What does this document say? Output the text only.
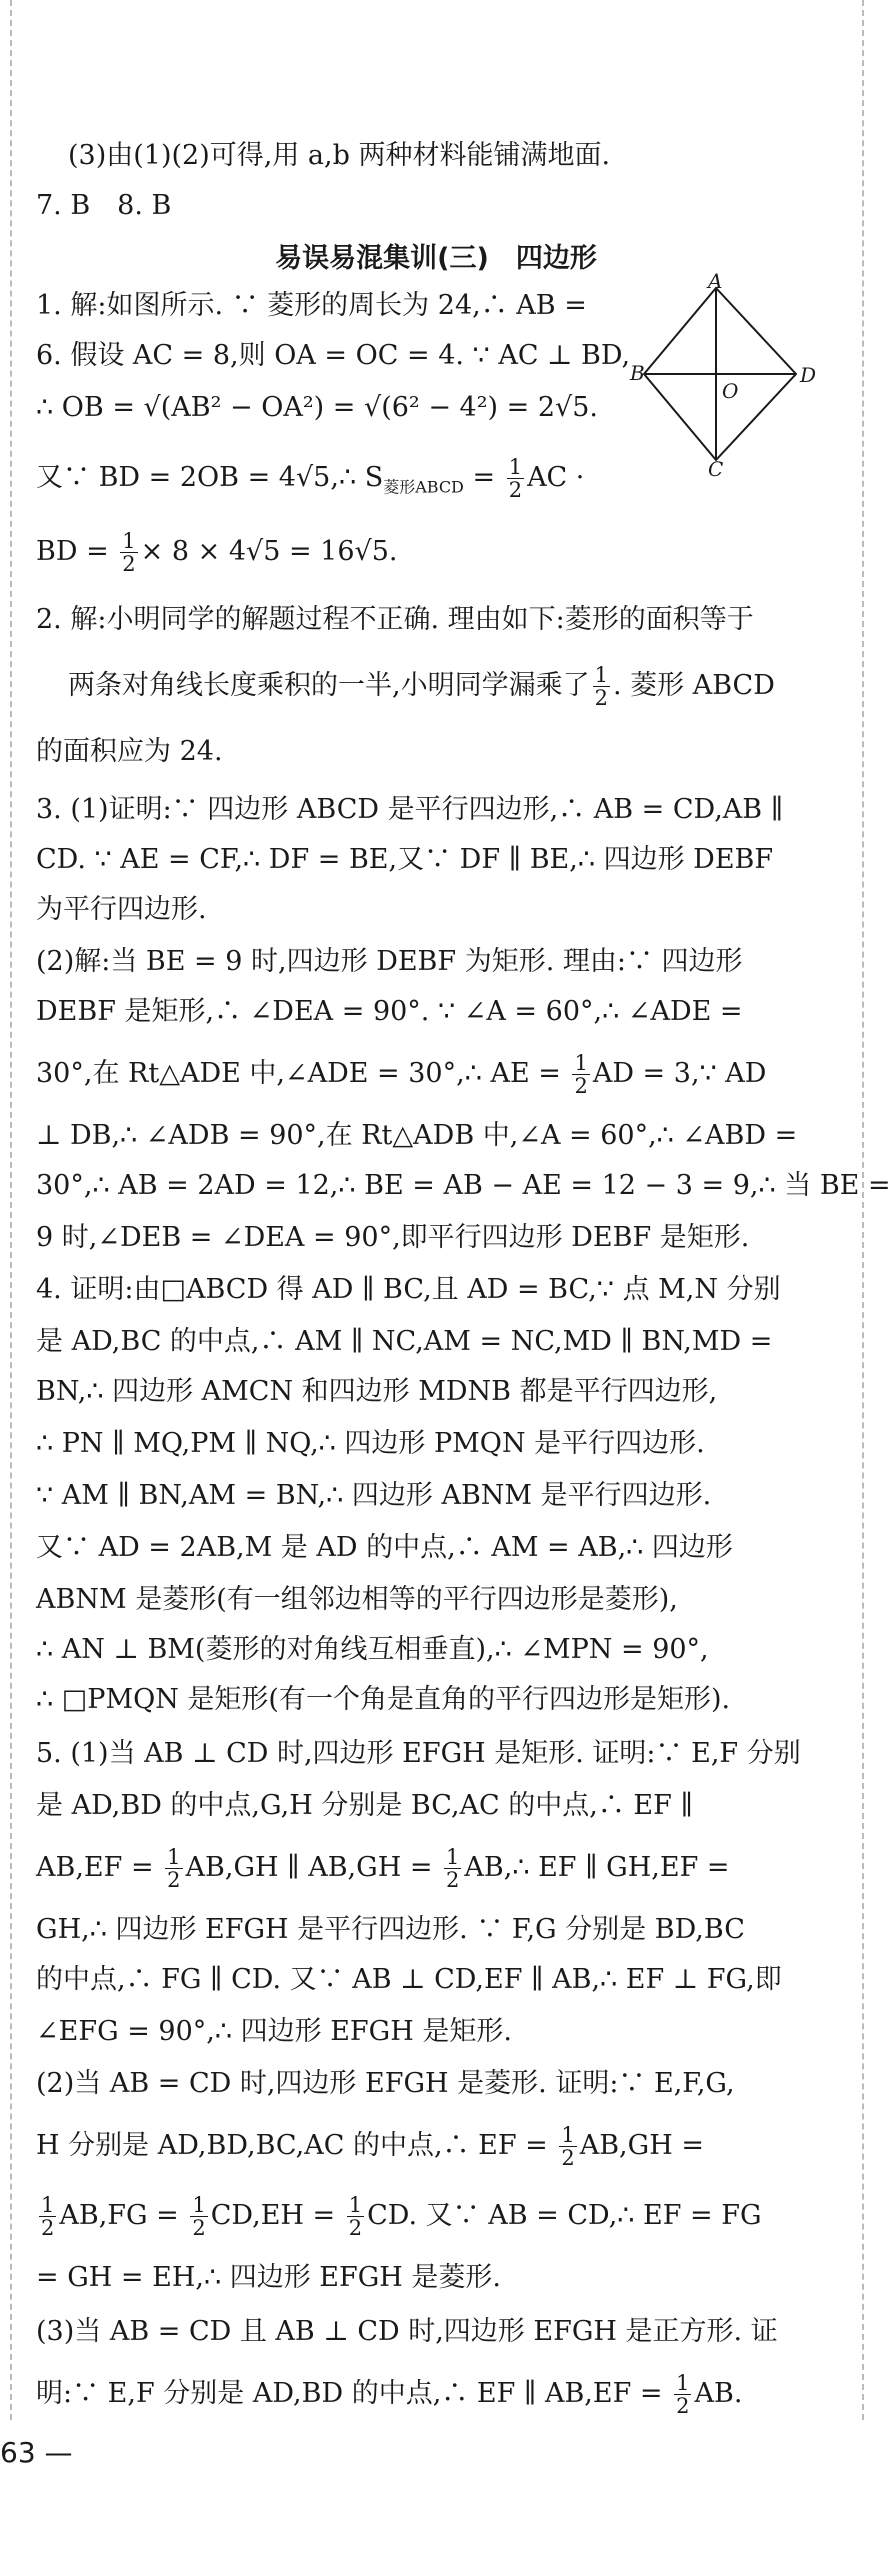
(3)由(1)(2)可得,用 a,b 两种材料能铺满地面.
7. B　8. B
易误易混集训(三)　四边形
1. 解:如图所示. ∵ 菱形的周长为 24,∴ AB =
6. 假设 AC = 8,则 OA = OC = 4. ∵ AC ⊥ BD,
∴ OB = √(AB² − OA²) = √(6² − 4²) = 2√5.
又∵ BD = 2OB = 4√5,∴ $S_{菱形ABCD} = \frac{1}{2}$ AC ·
BD = $\frac{1}{2} \times 8 \times 4√5 = 16√5$.
2. 解:小明同学的解题过程不正确. 理由如下:菱形的面积等于
两条对角线长度乘积的一半,小明同学漏乘了 $\frac{1}{2}$ . 菱形 ABCD
的面积应为 24.
3. (1)证明:∵ 四边形 ABCD 是平行四边形,∴ AB = CD,AB ∥
CD. ∵ AE = CF,∴ DF = BE,又∵ DF ∥ BE,∴ 四边形 DEBF
为平行四边形.
(2)解:当 BE = 9 时,四边形 DEBF 为矩形. 理由:∵ 四边形
DEBF 是矩形,∴ ∠DEA = 90°. ∵ ∠A = 60°,∴ ∠ADE =
30°,在 Rt△ADE 中,∠ADE = 30°,∴ AE = $\frac{1}{2}$ AD = 3,∵ AD
⊥ DB,∴ ∠ADB = 90°,在 Rt△ADB 中,∠A = 60°,∴ ∠ABD =
30°,∴ AB = 2AD = 12,∴ BE = AB − AE = 12 − 3 = 9,∴ 当 BE =
9 时,∠DEB = ∠DEA = 90°,即平行四边形 DEBF 是矩形.
4. 证明:由□ABCD 得 AD ∥ BC,且 AD = BC,∵ 点 M,N 分别
是 AD,BC 的中点,∴ AM ∥ NC,AM = NC,MD ∥ BN,MD =
BN,∴ 四边形 AMCN 和四边形 MDNB 都是平行四边形,
∴ PN ∥ MQ,PM ∥ NQ,∴ 四边形 PMQN 是平行四边形.
∵ AM ∥ BN,AM = BN,∴ 四边形 ABNM 是平行四边形.
又∵ AD = 2AB,M 是 AD 的中点,∴ AM = AB,∴ 四边形
ABNM 是菱形(有一组邻边相等的平行四边形是菱形),
∴ AN ⊥ BM(菱形的对角线互相垂直),∴ ∠MPN = 90°,
∴ □PMQN 是矩形(有一个角是直角的平行四边形是矩形).
5. (1)当 AB ⊥ CD 时,四边形 EFGH 是矩形. 证明:∵ E,F 分别
是 AD,BD 的中点,G,H 分别是 BC,AC 的中点,∴ EF ∥
$AB,EF = \frac{1}{2} AB,GH$ ∥ $AB,GH = \frac{1}{2}$ AB,∴ EF ∥ GH,EF =
GH,∴ 四边形 EFGH 是平行四边形. ∵ F,G 分别是 BD,BC
的中点,∴ FG ∥ CD. 又∵ AB ⊥ CD,EF ∥ AB,∴ EF ⊥ FG,即
∠EFG = 90°,∴ 四边形 EFGH 是矩形.
(2)当 AB = CD 时,四边形 EFGH 是菱形. 证明:∵ E,F,G,
H 分别是 AD,BD,BC,AC 的中点,∴ EF = $\frac{1}{2} AB,GH$ =
$\frac{1}{2} AB,FG = \frac{1}{2} CD,EH = \frac{1}{2}$ CD. 又∵ AB = CD,∴ EF = FG
= GH = EH,∴ 四边形 EFGH 是菱形.
(3)当 AB = CD 且 AB ⊥ CD 时,四边形 EFGH 是正方形. 证
明:∵ E,F 分别是 AD,BD 的中点,∴ EF ∥ $AB,EF = \frac{1}{2}$ AB.
63 —
A
B	D
O
C
